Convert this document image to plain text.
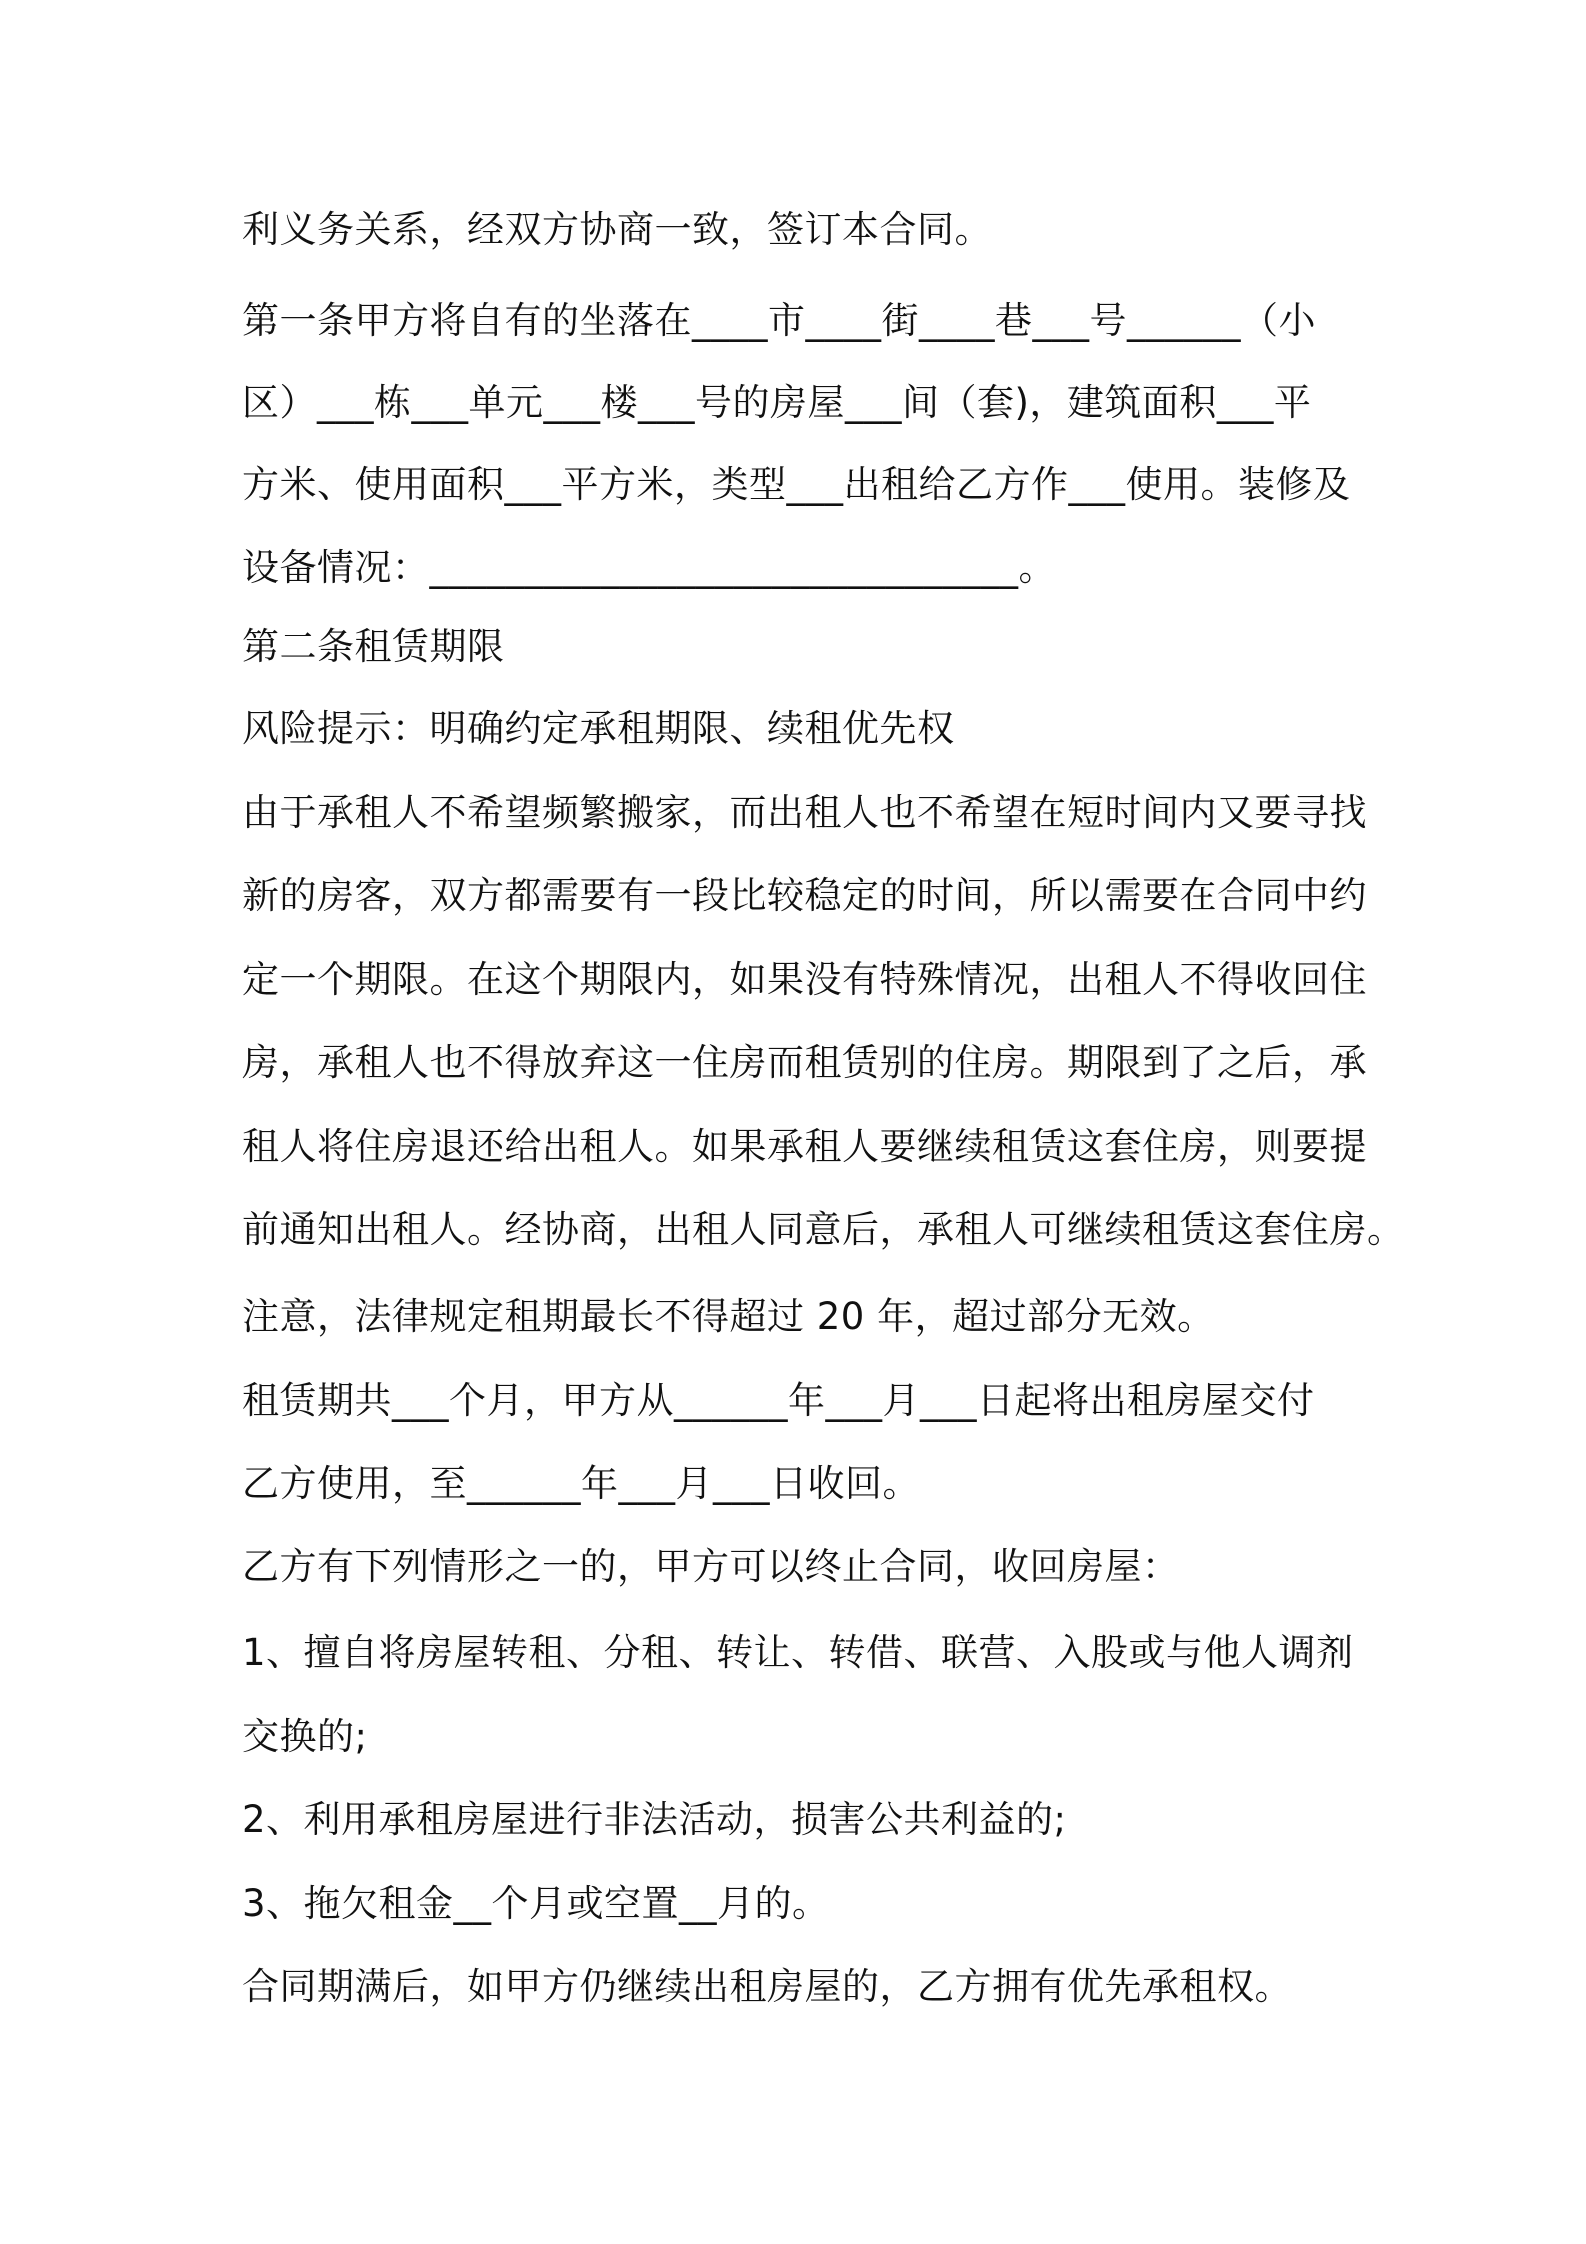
利义务关系，经双方协商一致，签订本合同。
第一条甲方将自有的坐落在____市____街____巷___号______（小
区）___栋___单元___楼___号的房屋___间（套)，建筑面积___平
方米、使用面积___平方米，类型___出租给乙方作___使用。装修及
设备情况：_______________________________。
第二条租赁期限
风险提示：明确约定承租期限、续租优先权
由于承租人不希望频繁搬家，而出租人也不希望在短时间内又要寻找
新的房客，双方都需要有一段比较稳定的时间，所以需要在合同中约
定一个期限。在这个期限内，如果没有特殊情况，出租人不得收回住
房，承租人也不得放弃这一住房而租赁别的住房。期限到了之后，承
租人将住房退还给出租人。如果承租人要继续租赁这套住房，则要提
前通知出租人。经协商，出租人同意后，承租人可继续租赁这套住房。
注意，法律规定租期最长不得超过 20 年，超过部分无效。
租赁期共___个月，甲方从______年___月___日起将出租房屋交付
乙方使用，至______年___月___日收回。
乙方有下列情形之一的，甲方可以终止合同，收回房屋：
1、擅自将房屋转租、分租、转让、转借、联营、入股或与他人调剂
交换的;
2、利用承租房屋进行非法活动，损害公共利益的;
3、拖欠租金__个月或空置__月的。
合同期满后，如甲方仍继续出租房屋的，乙方拥有优先承租权。
